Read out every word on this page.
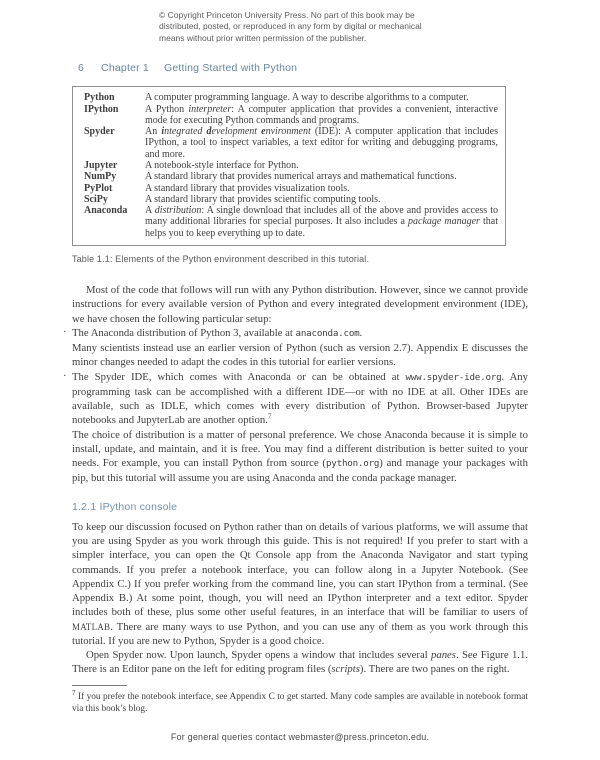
© Copyright Princeton University Press. No part of this book may be
distributed, posted, or reproduced in any form by digital or mechanical
means without prior written permission of the publisher.
6 Chapter 1 Getting Started with Python
Python	A computer programming language. A way to describe algorithms to a computer.
IPython	A Python interpreter: A computer application that provides a convenient, interactive mode for executing Python commands and programs.
Spyder	An integrated development environment (IDE): A computer application that includes IPython, a tool to inspect variables, a text editor for writing and debugging programs, and more.
Jupyter	A notebook-style interface for Python.
NumPy	A standard library that provides numerical arrays and mathematical functions.
PyPlot	A standard library that provides visualization tools.
SciPy	A standard library that provides scientific computing tools.
Anaconda	A distribution: A single download that includes all of the above and provides access to many additional libraries for special purposes. It also includes a package manager that helps you to keep everything up to date.
Table 1.1: Elements of the Python environment described in this tutorial.

Most of the code that follows will run with any Python distribution. However, since we cannot provide instructions for every available version of Python and every integrated development environment (IDE), we have chosen the following particular setup:

· The Anaconda distribution of Python 3, available at anaconda.com.
Many scientists instead use an earlier version of Python (such as version 2.7). Appendix E discusses the minor changes needed to adapt the codes in this tutorial for earlier versions.

· The Spyder IDE, which comes with Anaconda or can be obtained at www.spyder-ide.org. Any programming task can be accomplished with a different IDE—or with no IDE at all. Other IDEs are available, such as IDLE, which comes with every distribution of Python. Browser-based Jupyter notebooks and JupyterLab are another option.$^7$

The choice of distribution is a matter of personal preference. We chose Anaconda because it is simple to install, update, and maintain, and it is free. You may find a different distribution is better suited to your needs. For example, you can install Python from source (python.org) and manage your packages with pip, but this tutorial will assume you are using Anaconda and the conda package manager.

1.2.1 IPython console

To keep our discussion focused on Python rather than on details of various platforms, we will assume that you are using Spyder as you work through this guide. This is not required! If you prefer to start with a simpler interface, you can open the Qt Console app from the Anaconda Navigator and start typing commands. If you prefer a notebook interface, you can follow along in a Jupyter Notebook. (See Appendix C.) If you prefer working from the command line, you can start IPython from a terminal. (See Appendix B.) At some point, though, you will need an IPython interpreter and a text editor. Spyder includes both of these, plus some other useful features, in an interface that will be familiar to users of MATLAB. There are many ways to use Python, and you can use any of them as you work through this tutorial. If you are new to Python, Spyder is a good choice.

Open Spyder now. Upon launch, Spyder opens a window that includes several panes. See Figure 1.1. There is an Editor pane on the left for editing program files (scripts). There are two panes on the right.

$^7$ If you prefer the notebook interface, see Appendix C to get started. Many code samples are available in notebook format via this book’s blog.
For general queries contact webmaster@press.princeton.edu.
